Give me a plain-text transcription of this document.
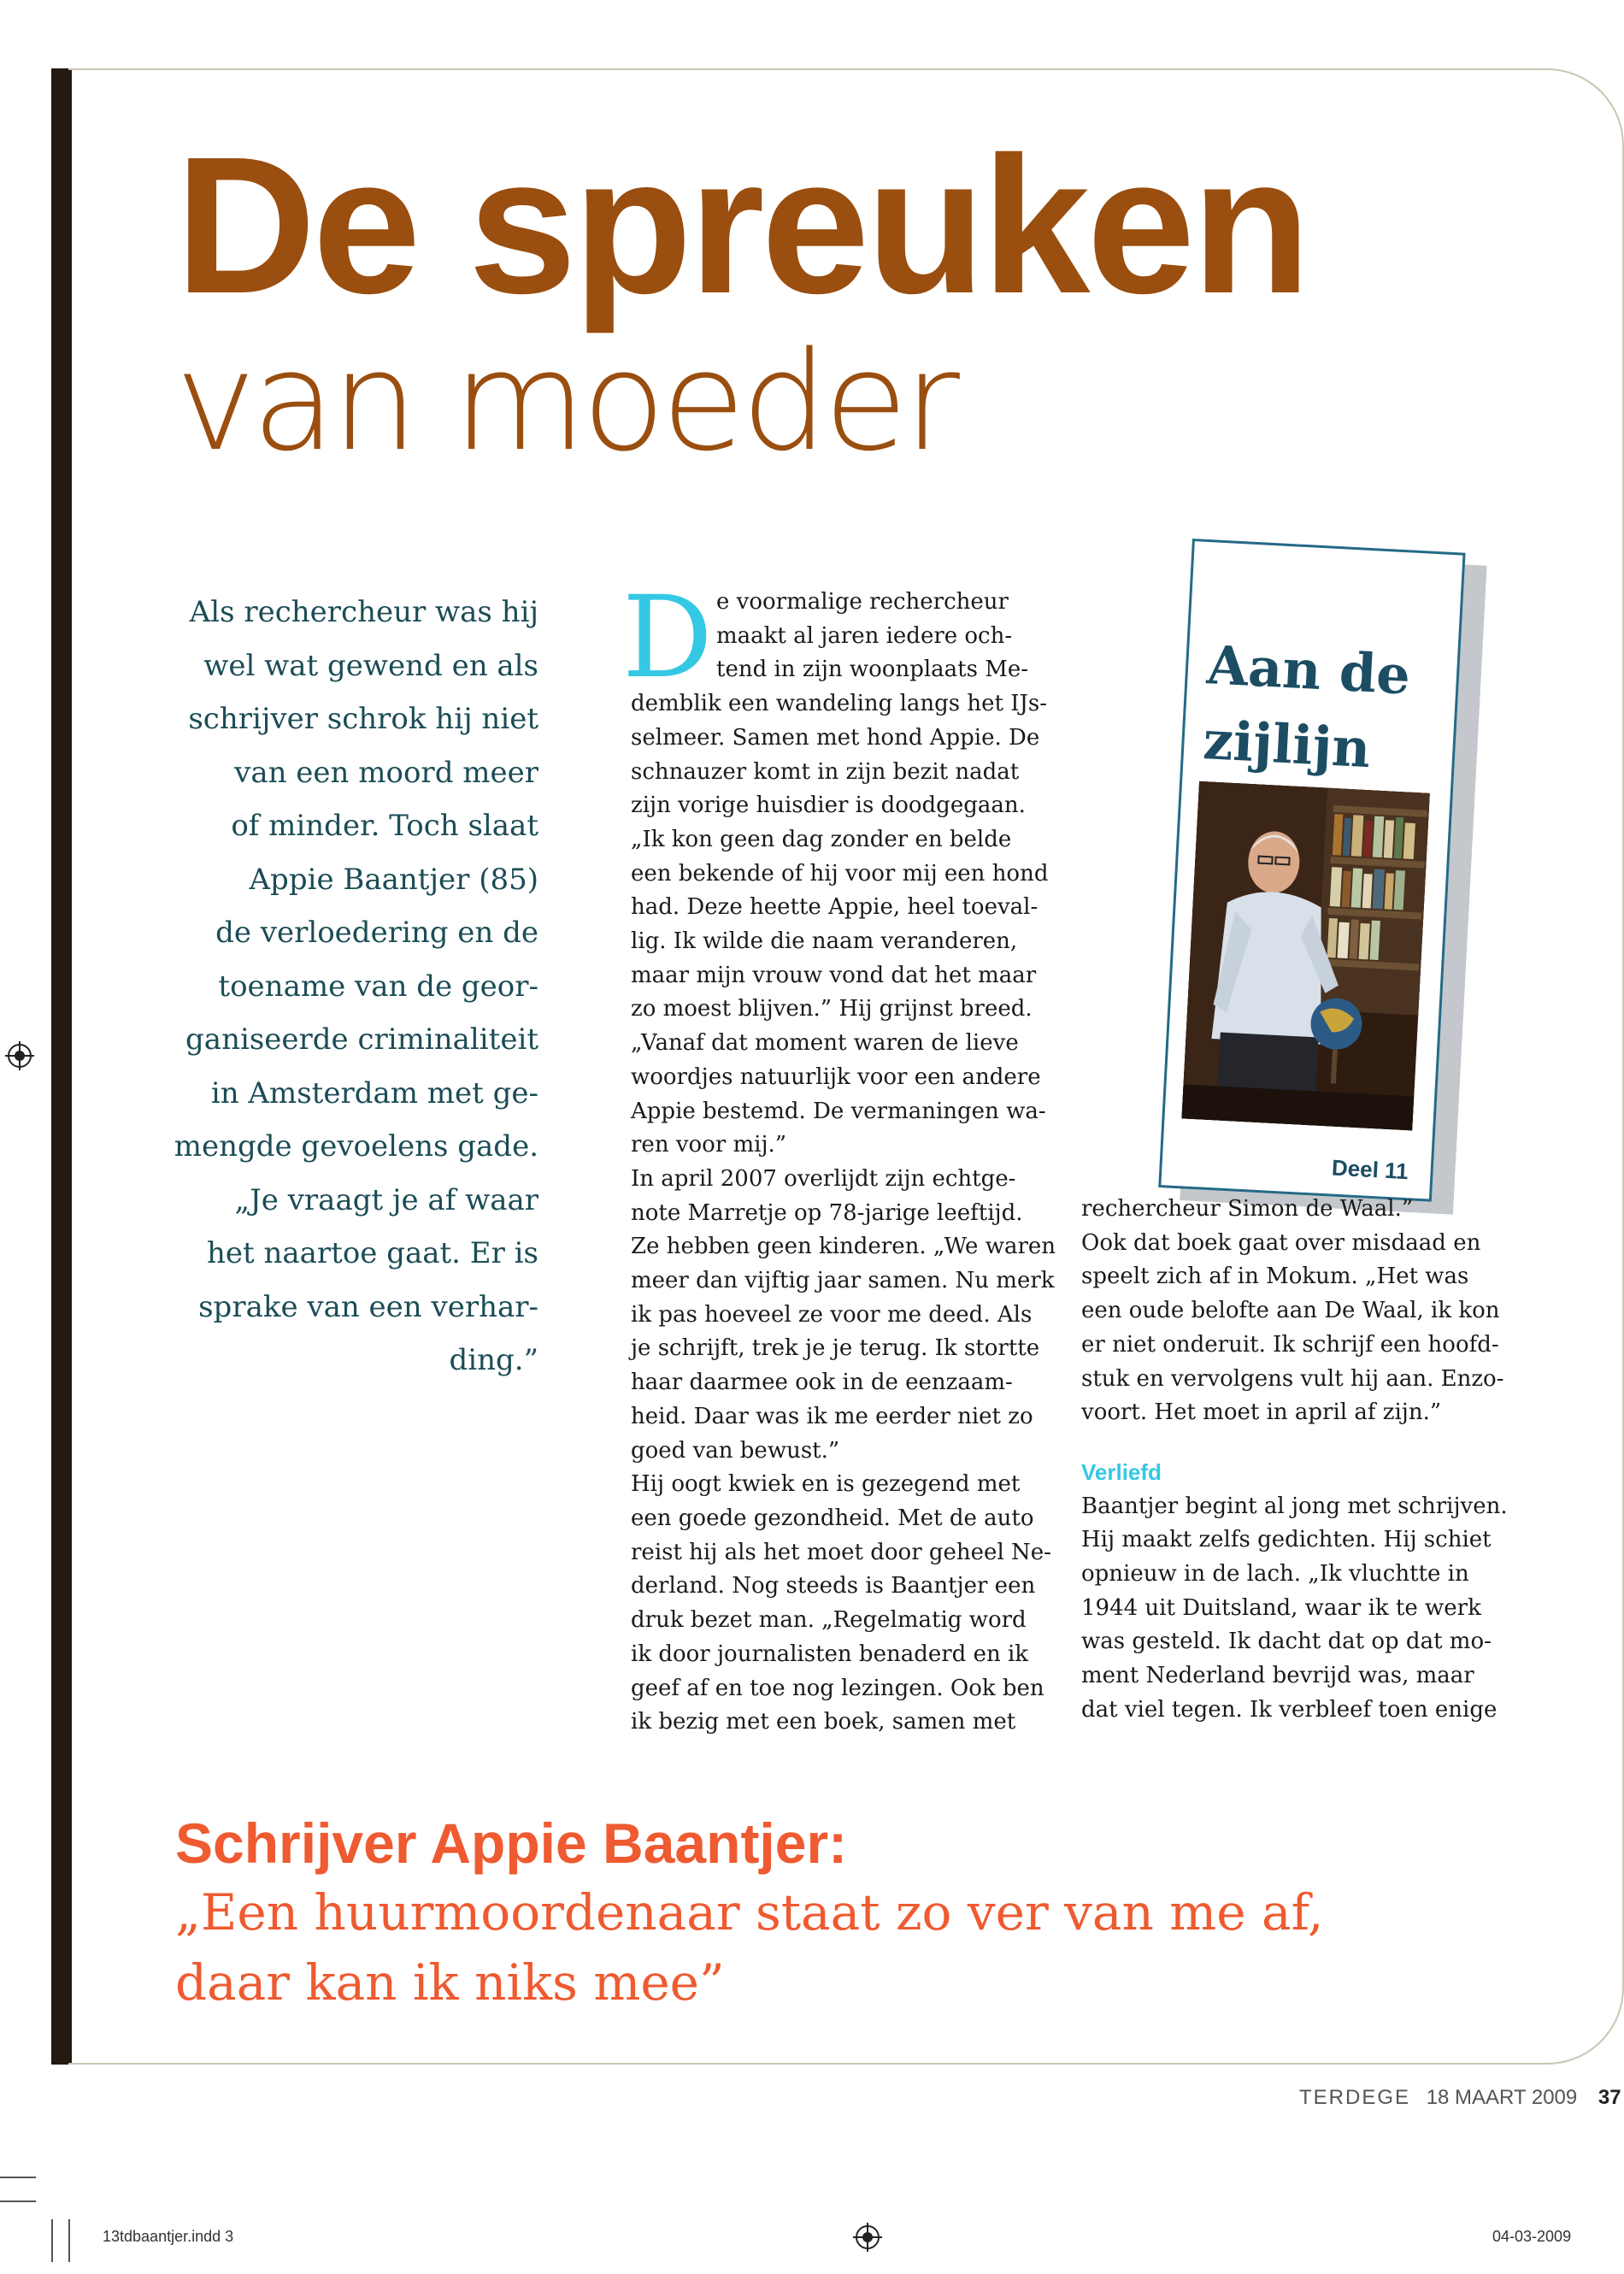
De spreuken
van moeder
Als rechercheur was hij
wel wat gewend en als
schrijver schrok hij niet
van een moord meer
of minder. Toch slaat
Appie Baantjer (85)
de verloedering en de
toename van de geor-
ganiseerde criminaliteit
in Amsterdam met ge-
mengde gevoelens gade.
„Je vraagt je af waar
het naartoe gaat. Er is
sprake van een verhar-
ding.”
D e voormalige rechercheur
maakt al jaren iedere och-
tend in zijn woonplaats Me-
demblik een wandeling langs het IJs-
selmeer. Samen met hond Appie. De
schnauzer komt in zijn bezit nadat
zijn vorige huisdier is doodgegaan.
„Ik kon geen dag zonder en belde
een bekende of hij voor mij een hond
had. Deze heette Appie, heel toeval-
lig. Ik wilde die naam veranderen,
maar mijn vrouw vond dat het maar
zo moest blijven.” Hij grijnst breed.
„Vanaf dat moment waren de lieve
woordjes natuurlijk voor een andere
Appie bestemd. De vermaningen wa-
ren voor mij.”
In april 2007 overlijdt zijn echtge-
note Marretje op 78-jarige leeftijd.
Ze hebben geen kinderen. „We waren
meer dan vijftig jaar samen. Nu merk
ik pas hoeveel ze voor me deed. Als
je schrijft, trek je je terug. Ik stortte
haar daarmee ook in de eenzaam-
heid. Daar was ik me eerder niet zo
goed van bewust.”
Hij oogt kwiek en is gezegend met
een goede gezondheid. Met de auto
reist hij als het moet door geheel Ne-
derland. Nog steeds is Baantjer een
druk bezet man. „Regelmatig word
ik door journalisten benaderd en ik
geef af en toe nog lezingen. Ook ben
ik bezig met een boek, samen met
Aan de
zijlijn
Deel 11
rechercheur Simon de Waal.”
Ook dat boek gaat over misdaad en
speelt zich af in Mokum. „Het was
een oude belofte aan De Waal, ik kon
er niet onderuit. Ik schrijf een hoofd-
stuk en vervolgens vult hij aan. Enzo-
voort. Het moet in april af zijn.”
Verliefd
Baantjer begint al jong met schrijven.
Hij maakt zelfs gedichten. Hij schiet
opnieuw in de lach. „Ik vluchtte in
1944 uit Duitsland, waar ik te werk
was gesteld. Ik dacht dat op dat mo-
ment Nederland bevrijd was, maar
dat viel tegen. Ik verbleef toen enige
Schrijver Appie Baantjer:
„Een huurmoordenaar staat zo ver van me af,
daar kan ik niks mee”
TERDEGE 18 MAART 2009 37
13tdbaantjer.indd 3	04-03-2009
